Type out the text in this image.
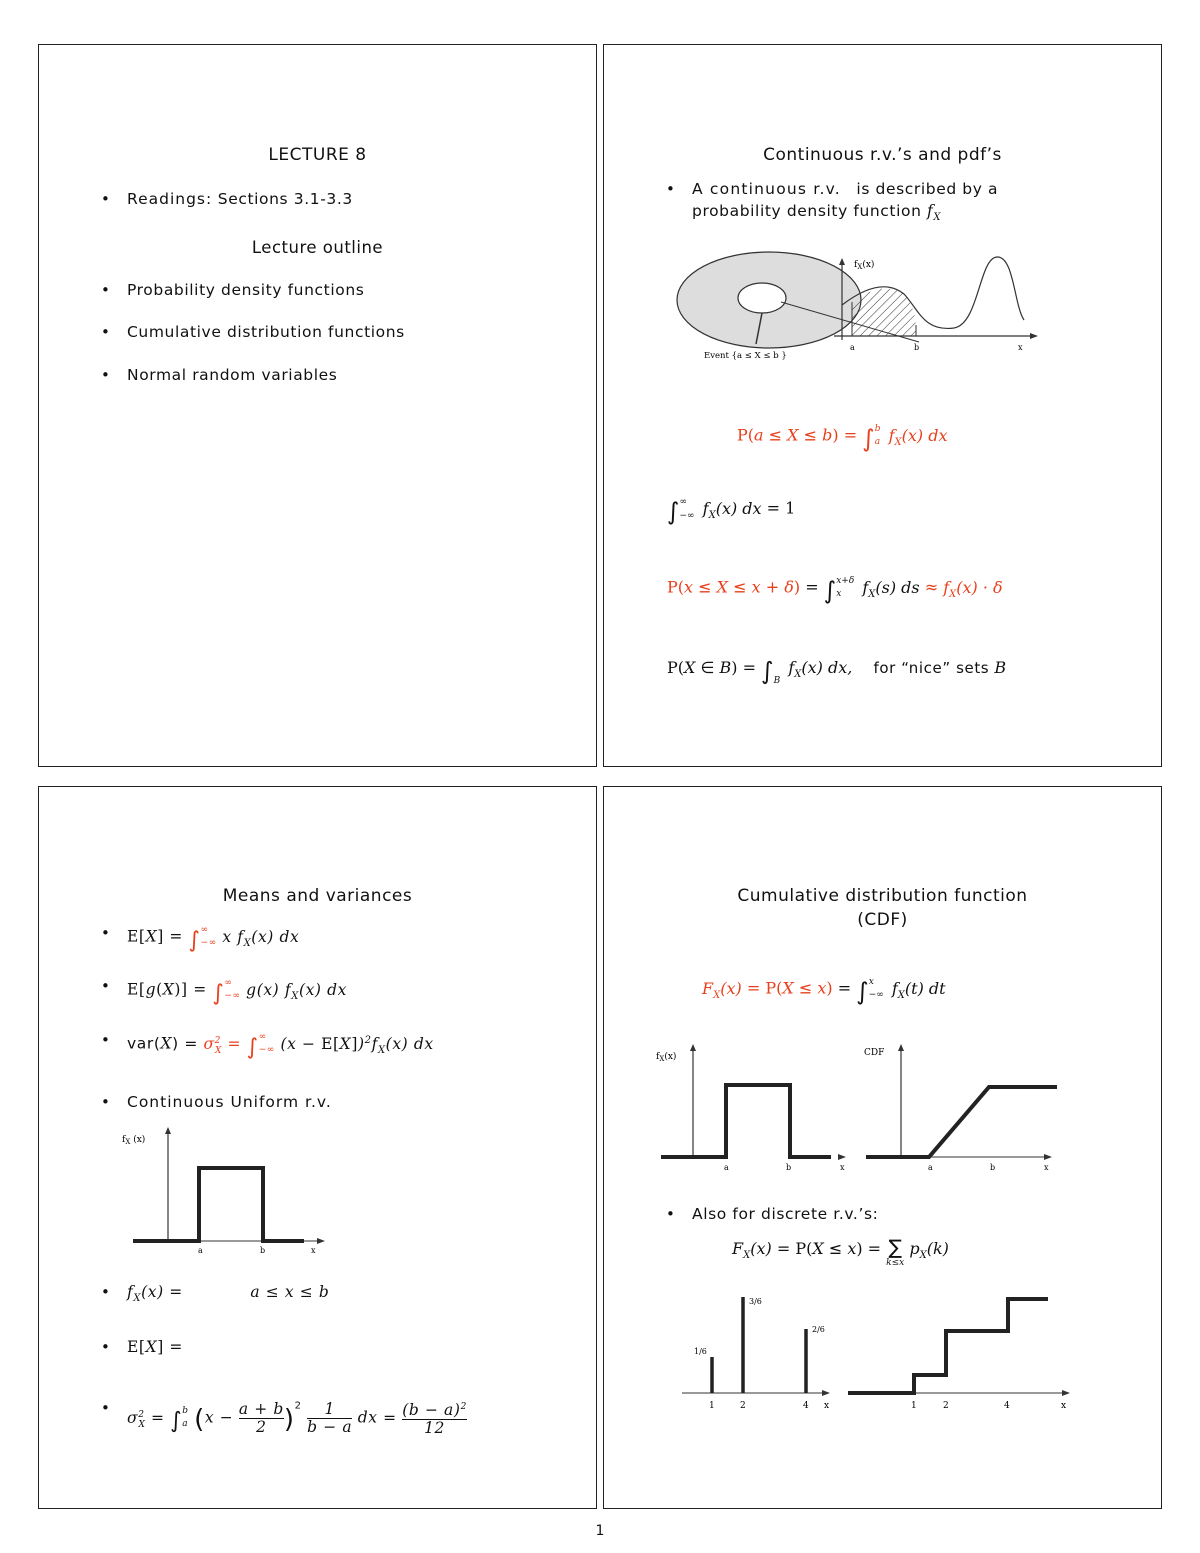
LECTURE 8
• Readings: Sections 3.1-3.3
Lecture outline
• Probability density functions
• Cumulative distribution functions
• Normal random variables
Continuous r.v.’s and pdf’s
• A continuous r.v. is described by a
probability density function $f_X$
Event {a ≤ X ≤ b }
$f_X(x)$
a	b	x
P(a ≤ X ≤ b) = ∫ b
a $f_X(x)$ dx
∫ ∞
−∞ $f_X(x)$ dx = 1
P(x ≤ X ≤ x + δ) = ∫ x+δ
x	$f_X(s)$ ds ≈ $f_X(x) \cdot \delta$
P(X ∈ $B) = \int_B$ $f_X(x)$ dx, for “nice” sets B
Means and variances
• E[X] = ∫ ∞
−∞ x $f_X(x)$ dx
• E[g(X)] = ∫ ∞
−∞ g(x) $f_X(x)$ dx
• $var(X) = \sigma^2_X$ = ∫ ∞
−∞ $(x - E[X])^2f_X(x)$ dx
• Continuous Uniform r.v.
$f_X$ (x)
a	b	x
• $f_X(x)$ =	a ≤ x ≤ b
• E[X] =
• $\sigma^2_X$ = ∫ b
a $(x - \frac{a + b}{2} )^2 \frac{1}{b - a}$ dx = $\frac{(b - a)^2}{12}$
Cumulative distribution function
(CDF)
$F_X(x) = P(X \le x)$ = ∫ x
−∞ $f_X(t)$ dt
$f_X(x)$
a	b	x
CDF
a	b	x
• Also for discrete r.v.’s:
$F_X(x) = P(X \le x)$ = ∑
k≤x
$p_X(k)$
1/6
3/6
2/6
1	2	4 x	1	2	4	x
1
